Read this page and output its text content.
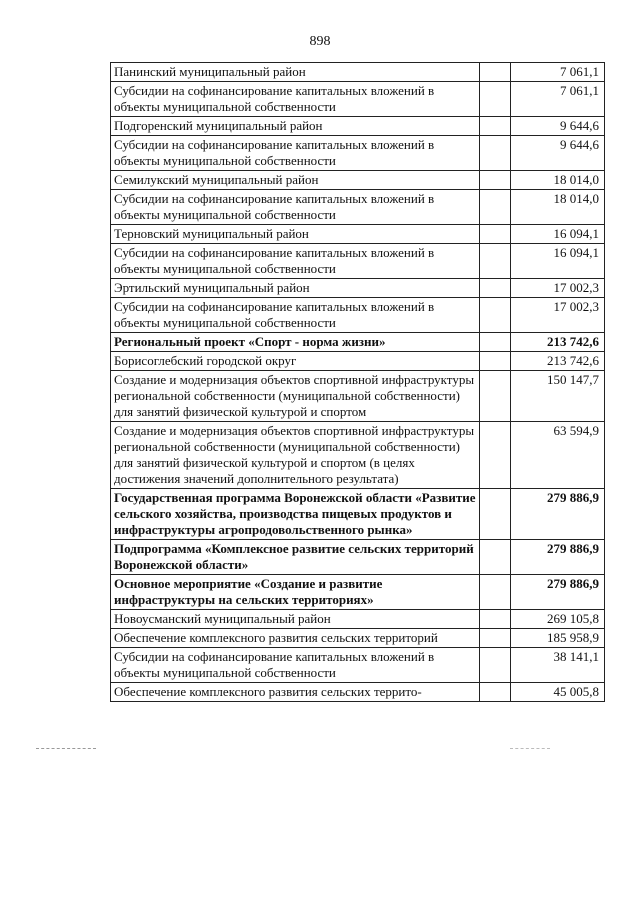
898
Панинский муниципальный район		7 061,1
Субсидии на софинансирование капитальных вложений в объекты муниципальной собственности		7 061,1
Подгоренский муниципальный район		9 644,6
Субсидии на софинансирование капитальных вложений в объекты муниципальной собственности		9 644,6
Семилукский муниципальный район		18 014,0
Субсидии на софинансирование капитальных вложений в объекты муниципальной собственности		18 014,0
Терновский муниципальный район		16 094,1
Субсидии на софинансирование капитальных вложений в объекты муниципальной собственности		16 094,1
Эртильский муниципальный район		17 002,3
Субсидии на софинансирование капитальных вложений в объекты муниципальной собственности		17 002,3
Региональный проект «Спорт - норма жизни»		213 742,6
Борисоглебский городской округ		213 742,6
Создание и модернизация объектов спортивной инфраструктуры региональной собственности (муниципальной собственности) для занятий физической культурой и спортом		150 147,7
Создание и модернизация объектов спортивной инфраструктуры региональной собственности (муниципальной собственности) для занятий физической культурой и спортом (в целях достижения значений дополнительного результата)		63 594,9
Государственная программа Воронежской области «Развитие сельского хозяйства, производства пищевых продуктов и инфраструктуры агропродовольственного рынка»		279 886,9
Подпрограмма «Комплексное развитие сельских территорий Воронежской области»		279 886,9
Основное мероприятие «Создание и развитие инфраструктуры на сельских территориях»		279 886,9
Новоусманский муниципальный район		269 105,8
Обеспечение комплексного развития сельских территорий		185 958,9
Субсидии на софинансирование капитальных вложений в объекты муниципальной собственности		38 141,1
Обеспечение комплексного развития сельских террито-		45 005,8
